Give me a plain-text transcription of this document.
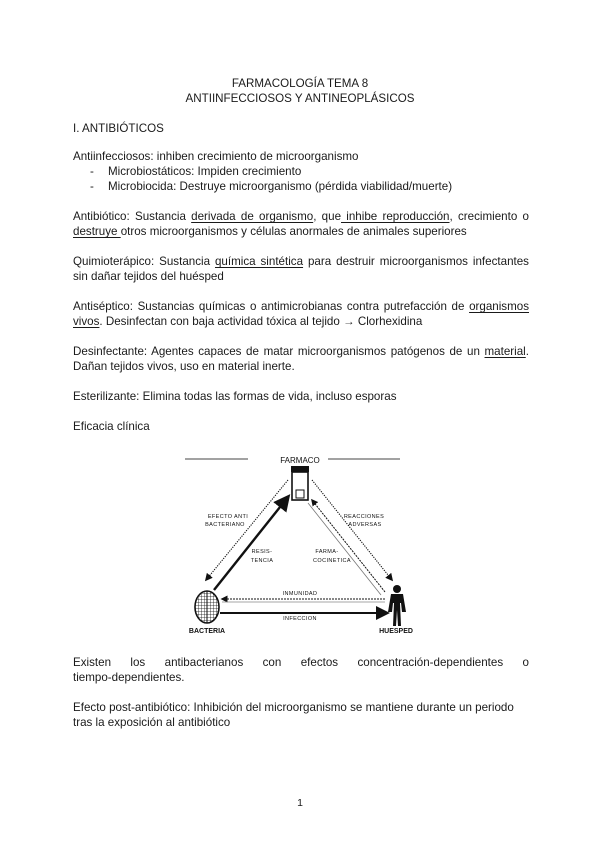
FARMACOLOGÍA TEMA 8
ANTIINFECCIOSOS Y ANTINEOPLÁSICOS
I. ANTIBIÓTICOS
Antiinfecciosos: inhiben crecimiento de microorganismo
- Microbiostáticos: Impiden crecimiento
- Microbiocida: Destruye microorganismo (pérdida viabilidad/muerte)
Antibiótico: Sustancia derivada de organismo, que inhibe reproducción, crecimiento o
destruye otros microorganismos y células anormales de animales superiores
Quimioterápico: Sustancia química sintética para destruir microorganismos infectantes
sin dañar tejidos del huésped
Antiséptico: Sustancias químicas o antimicrobianas contra putrefacción de organismos
vivos. Desinfectan con baja actividad tóxica al tejido → Clorhexidina
Desinfectante: Agentes capaces de matar microorganismos patógenos de un material.
Dañan tejidos vivos, uso en material inerte.
Esterilizante: Elimina todas las formas de vida, incluso esporas
Eficacia clínica
FARMACO
EFECTO ANTI
BACTERIANO
REACCIONES
ADVERSAS
RESIS-
TENCIA
FARMA-
COCINETICA
INMUNIDAD
INFECCION
BACTERIA	HUESPED
Existen los antibacterianos con efectos concentración-dependientes o
tiempo-dependientes.
Efecto post-antibiótico: Inhibición del microorganismo se mantiene durante un periodo
tras la exposición al antibiótico
1
